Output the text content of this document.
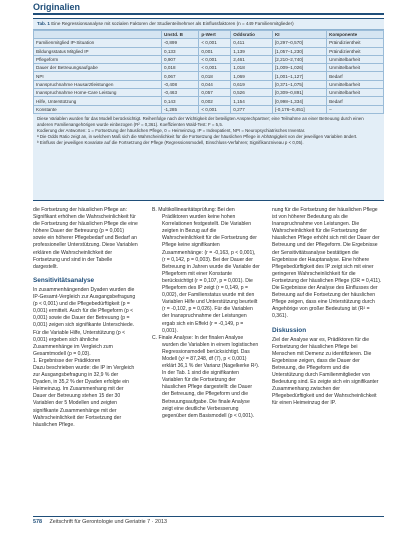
Originalien
Tab. 1 Eine Regressionsanalyse mit sozialen Faktoren der Studienteilnehmer als Einflussfaktoren (n = 449 Familienmitglieder)
	Unstd. B	p-Wert	Oddsratio	KI	Komponente
Familienmitglied IP-Situation	-0,899	< 0,001	0,411	[0,297–0,570]	Präindizientheit
Bildungsstatus Mitglied IP	0,133	0,001	1,139	[1,057–1,230]	Präindizientheit
Pflegeform	0,907	< 0,001	2,461	[2,210–2,740]	Unmittelbarheit
Dauer der Betreuungsaufgabe	0,018	< 0,001	1,018	[1,009–1,026]	Unmittelbarheit
NPI	0,067	0,018	1,069	[1,001–1,127]	Bedarf
Inanspruchnahme Hausarztleistungen	-0,408	0,044	0,619	[0,371–1,075]	Unmittelbarheit
Inanspruchnahme Home-Care Leistung	-0,463	0,057	0,526	[0,309–0,891]	Unmittelbarheit
Hilfe, Unterstützung	0,143	0,002	1,154	[0,998–1,334]	Bedarf
Konstante	-1,285	< 0,001	0,277	[-0,176–0,451]	–
Diese Variablen wurden für das Modell berücksichtigt. Reihenfolge nach der Wichtigkeit der beteiligten Ansprechpartner; eine Teilnahme an einer Betreuung durch einen anderen Familienangehörigen wurde einbezogen (R² = 0,361). Koeffizienten Wald-Test: F = 5,5.
Kodierung der Antworten: 1 = Fortsetzung der häuslichen Pflege, 0 = Heimeinzug. IP = Indexpatient, NPI = Neuropsychiatrisches Inventar.
ᵃ Die Odds Ratio zeigt an, in welchem Maß sich die Wahrscheinlichkeit für die Fortsetzung der häuslichen Pflege in Abhängigkeit von der jeweiligen Variablen ändert.
ᵇ Einfluss der jeweiligen Kovariate auf die Fortsetzung der Pflege (Regressionsmodell, Einschluss-Verfahren; Signifikanzniveau p < 0,05).

die Fortsetzung der häuslichen Pflege an: Signifikant erhöhen die Wahrscheinlichkeit für die Fortsetzung der häuslichen Pflege die eine höhere Dauer der Betreuung (p = 0,001) sowie ein höherer Pflegebedarf und Bedarf an professioneller Unterstützung. Diese Variablen erklären die Wahrscheinlichkeit der Fortsetzung und sind in der Tabelle dargestellt.

Sensitivitätsanalyse

In zusammenhängenden Dyaden wurden die IP-Gesamt-Vergleich zur Ausgangsbefragung (p < 0,001) und die Pflegebedürftigkeit (p = 0,001) ermittelt. Auch für die Pflegeform (p < 0,001) sowie die Dauer der Betreuung (p = 0,001) zeigen sich signifikante Unterschiede. Für die Variable Hilfe, Unterstützung (p < 0,001) ergeben sich ähnliche Zusammenhänge im Vergleich zum Gesamtmodell (p = 0,03).

1. Ergebnisse der Prädiktoren

Dazu beschrieben wurde: die IP im Vergleich zur Ausgangsbefragung in 32,9 % der Dyaden, in 35,2 % der Dyaden erfolgte ein Heimeinzug. Im Zusammenhang mit der Dauer der Betreuung stehen 15 der 30 Variablen der 5 Modellen und zeigten signifikante Zusammenhänge mit der Wahrscheinlichkeit der Fortsetzung der häuslichen Pflege.

B. Multikollinearitätsprüfung: Bei den Prädiktoren wurden keine hohen Korrelationen festgestellt. Die Variablen zeigten in Bezug auf die Wahrscheinlichkeit für die Fortsetzung der Pflege keine signifikanten Zusammenhänge: (r = -0,163, p < 0,001), (r = 0,142, p = 0,003). Bei der Dauer der Betreuung in Jahren wurde die Variable der Pflegeform mit einer Konstante berücksichtigt (r = 0,107, p = 0,001). Die Pflegeform des IP zeigt (r = 0,149, p = 0,002), der Familienstatus wurde mit den Variablen Hilfe und Unterstützung beurteilt (r = -0,102, p = 0,026). Für die Variablen der Inanspruchnahme der Leistungen ergab sich ein Effekt (r = -0,149, p = 0,001).

C. Finale Analyse: In der finalen Analyse wurden die Variablen in einem logistischen Regressionsmodell berücksichtigt. Das Modell (χ² = 87,248, df (7), p < 0,001) erklärt 36,1 % der Varianz (Nagelkerke R²). In der Tab. 1 sind die signifikanten Variablen für die Fortsetzung der häuslichen Pflege dargestellt: die Dauer der Betreuung, die Pflegeform und die Betreuungsaufgabe. Die finale Analyse zeigt eine deutliche Verbesserung gegenüber dem Basismodell (p < 0,001).

nung für die Fortsetzung der häuslichen Pflege ist von höherer Bedeutung als die Inanspruchnahme von Leistungen. Die Wahrscheinlichkeit für die Fortsetzung der häuslichen Pflege erhöht sich mit der Dauer der Betreuung und der Pflegeform. Die Ergebnisse der Sensitivitätsanalyse bestätigen die Ergebnisse der Hauptanalyse. Eine höhere Pflegebedürftigkeit des IP zeigt sich mit einer geringeren Wahrscheinlichkeit für die Fortsetzung der häuslichen Pflege (OR = 0,411). Die Ergebnisse der Analyse des Einflusses der Betreuung auf die Fortsetzung der häuslichen Pflege zeigen, dass eine Unterstützung durch Angehörige von großer Bedeutung ist (R² = 0,361).

Diskussion

Ziel der Analyse war es, Prädiktoren für die Fortsetzung der häuslichen Pflege bei Menschen mit Demenz zu identifizieren. Die Ergebnisse zeigen, dass die Dauer der Betreuung, die Pflegeform und die Unterstützung durch Familienmitglieder von Bedeutung sind. Es zeigte sich ein signifikanter Zusammenhang zwischen der Pflegebedürftigkeit und der Wahrscheinlichkeit für einen Heimeinzug der IP.

578 Zeitschrift für Gerontologie und Geriatrie 7 · 2013
